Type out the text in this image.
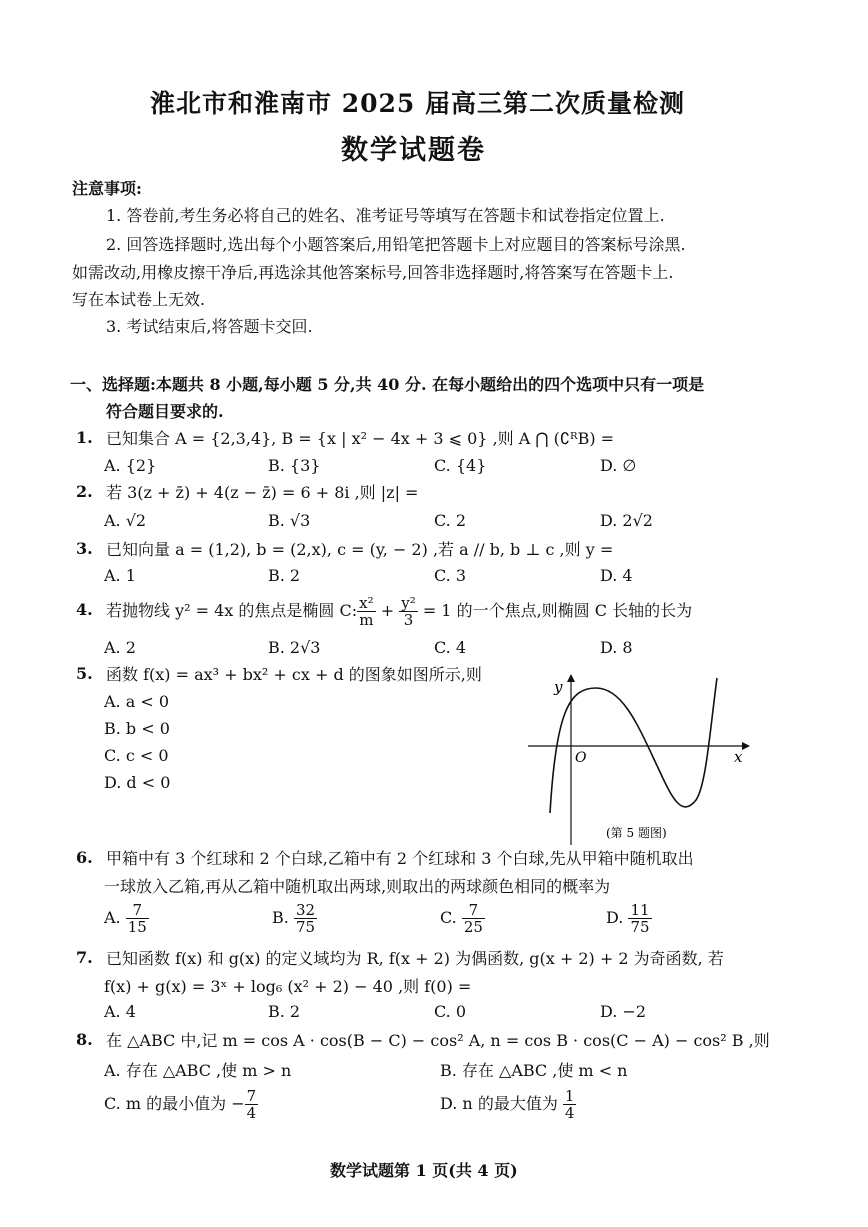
淮北市和淮南市 2025 届高三第二次质量检测
数学试题卷
注意事项:
1. 答卷前,考生务必将自己的姓名、准考证号等填写在答题卡和试卷指定位置上.
2. 回答选择题时,选出每个小题答案后,用铅笔把答题卡上对应题目的答案标号涂黑.
如需改动,用橡皮擦干净后,再选涂其他答案标号,回答非选择题时,将答案写在答题卡上.
写在本试卷上无效.
3. 考试结束后,将答题卡交回.
一、选择题:本题共 8 小题,每小题 5 分,共 40 分. 在每小题给出的四个选项中只有一项是
符合题目要求的.
1. 已知集合 A = {2,3,4}, B = {x | x² − 4x + 3 ⩽ 0} ,则 A ⋂ (∁ᴿB) =
A. {2}	B. {3}	C. {4}	D. ∅
2. 若 3(z + z̄) + 4(z − z̄) = 6 + 8i ,则 |z| =
A. √2	B. √3	C. 2	D. 2√2
3. 已知向量 a = (1,2), b = (2,x), c = (y, − 2) ,若 a // b, b ⊥ c ,则 y =
A. 1	B. 2	C. 3	D. 4
4. 若抛物线 y² = 4x 的焦点是椭圆 C: $\frac{\text{x²}}{m} + \frac{\text{y²}}{3} = 1$ 的一个焦点,则椭圆 C 长轴的长为
A. 2	B. 2√3	C. 4	D. 8
5. 函数 f(x) = ax³ + bx² + cx + d 的图象如图所示,则
A. a < 0
B. b < 0
C. c < 0
D. d < 0
y
x
O
(第 5 题图)
6. 甲箱中有 3 个红球和 2 个白球,乙箱中有 2 个红球和 3 个白球,先从甲箱中随机取出
一球放入乙箱,再从乙箱中随机取出两球,则取出的两球颜色相同的概率为
A. $\frac{7}{15}$	B. $\frac{32}{75}$	C. $\frac{7}{25}$	D. $\frac{11}{75}$
7. 已知函数 f(x) 和 g(x) 的定义域均为 R, f(x + 2) 为偶函数, g(x + 2) + 2 为奇函数, 若
f(x) + g(x) = 3ˣ + log₆ (x² + 2) − 40 ,则 f(0) =
A. 4	B. 2	C. 0	D. −2
8. 在 △ABC 中,记 m = cos A · cos(B − C) − cos² A, n = cos B · cos(C − A) − cos² B ,则
A. 存在 △ABC ,使 m > n	B. 存在 △ABC ,使 m < n
C. m 的最小值为 − $\frac{7}{4}$	D. n 的最大值为 $\frac{1}{4}$
数学试题第 1 页(共 4 页)
